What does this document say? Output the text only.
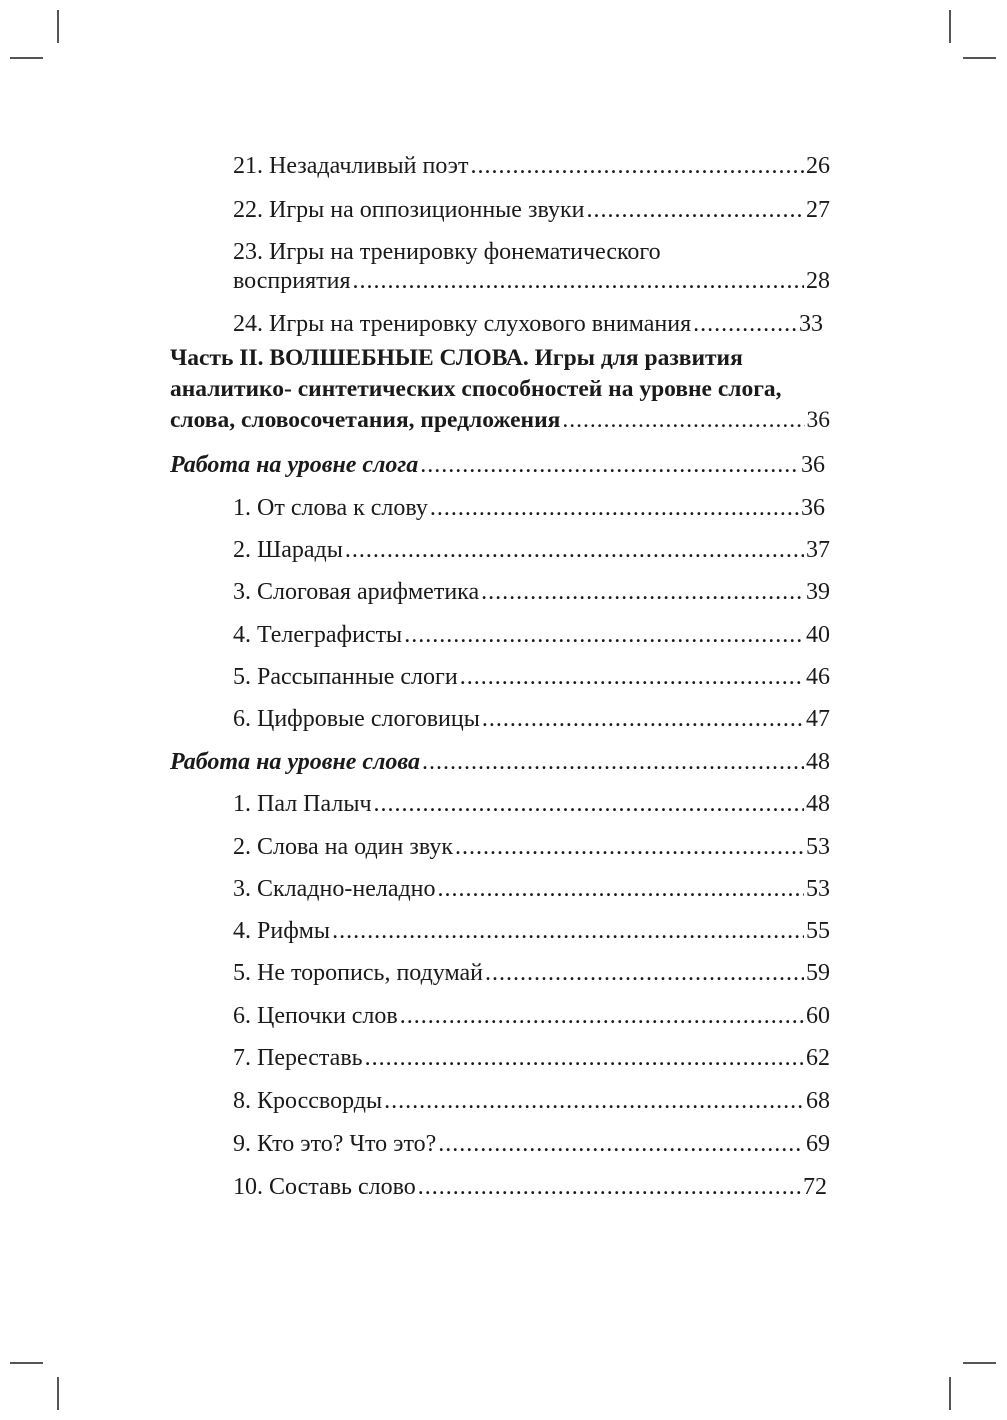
21. Незадачливый поэт .....	26
22. Игры на оппозиционные звуки .....	27
23. Игры на тренировку фонематического
восприятия .....	28
24. Игры на тренировку слухового внимания .....	33
Часть II. ВОЛШЕБНЫЕ СЛОВА. Игры для развития
аналитико- синтетических способностей на уровне слога,
слова, словосочетания, предложения .....	36
Работа на уровне слога .....	36
1. От слова к слову .....	36
2. Шарады .....	37
3. Слоговая арифметика .....	39
4. Телеграфисты .....	40
5. Рассыпанные слоги .....	46
6. Цифровые слоговицы .....	47
Работа на уровне слова .....	48
1. Пал Палыч .....	48
2. Слова на один звук .....	53
3. Складно-неладно .....	53
4. Рифмы .....	55
5. Не торопись, подумай .....	59
6. Цепочки слов .....	60
7. Переставь .....	62
8. Кроссворды .....	68
9. Кто это? Что это? .....	69
10. Составь слово .....	72
